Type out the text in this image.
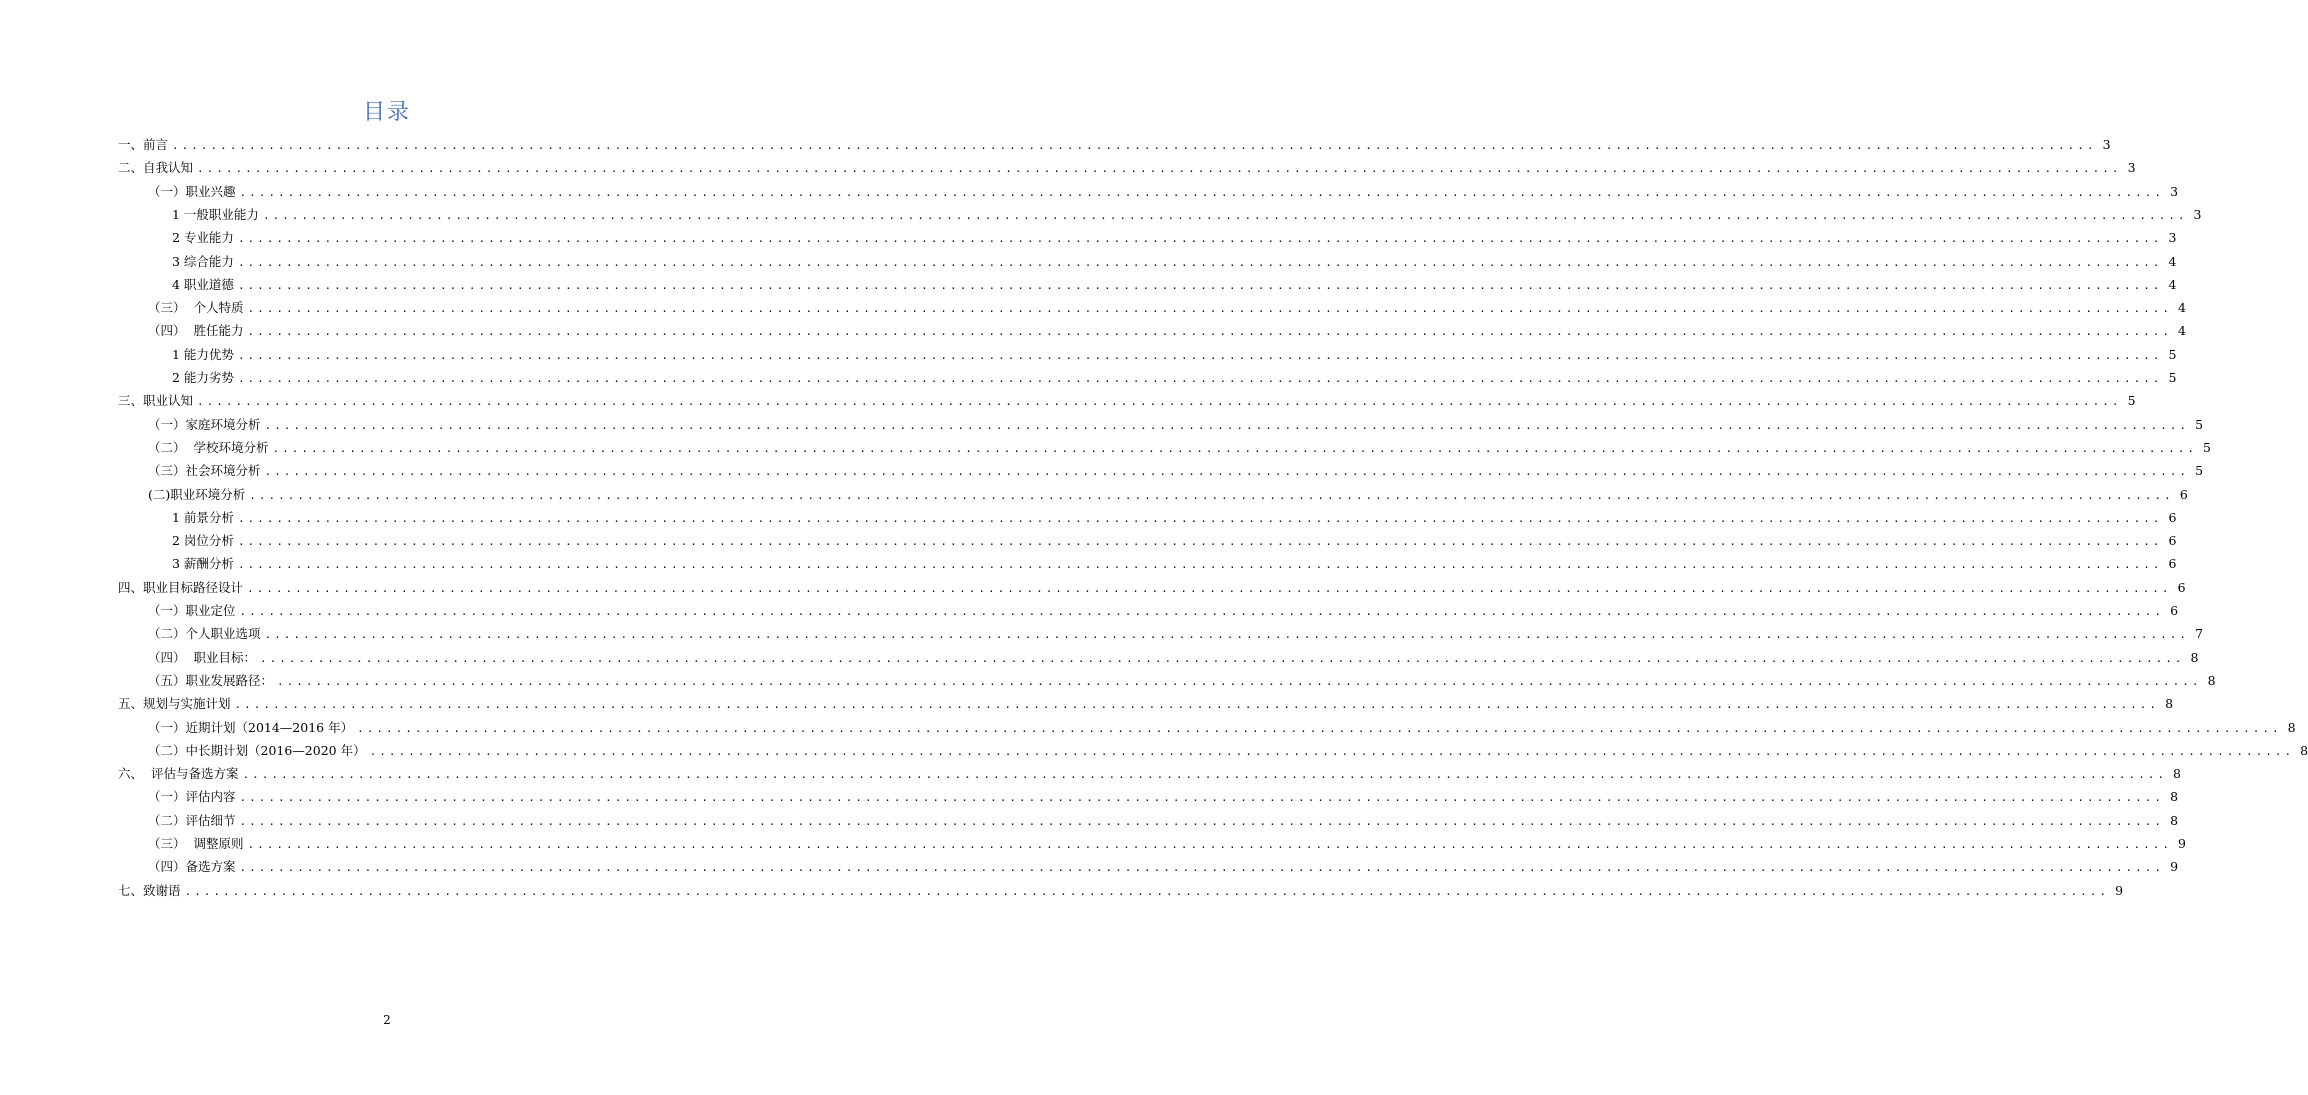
目录
一、前言 ........................................................................................................................................................................................................ 3
二、自我认知 ........................................................................................................................................................................................................ 3
（一）职业兴趣 ........................................................................................................................................................................................................ 3
1 一般职业能力 ........................................................................................................................................................................................................ 3
2 专业能力 ........................................................................................................................................................................................................ 3
3 综合能力 ........................................................................................................................................................................................................ 4
4 职业道德 ........................................................................................................................................................................................................ 4
（三）  个人特质 ........................................................................................................................................................................................................ 4
（四）  胜任能力 ........................................................................................................................................................................................................ 4
1 能力优势 ........................................................................................................................................................................................................ 5
2 能力劣势 ........................................................................................................................................................................................................ 5
三、职业认知 ........................................................................................................................................................................................................ 5
（一）家庭环境分析 ........................................................................................................................................................................................................ 5
（二）  学校环境分析 ........................................................................................................................................................................................................ 5
（三）社会环境分析 ........................................................................................................................................................................................................ 5
(二)职业环境分析 ........................................................................................................................................................................................................ 6
1 前景分析 ........................................................................................................................................................................................................ 6
2 岗位分析 ........................................................................................................................................................................................................ 6
3 薪酬分析 ........................................................................................................................................................................................................ 6
四、职业目标路径设计 ........................................................................................................................................................................................................ 6
（一）职业定位 ........................................................................................................................................................................................................ 6
（二）个人职业选项 ........................................................................................................................................................................................................ 7
（四）  职业目标： ........................................................................................................................................................................................................ 8
（五）职业发展路径： ........................................................................................................................................................................................................ 8
五、规划与实施计划 ........................................................................................................................................................................................................ 8
（一）近期计划（2014—2016 年） ........................................................................................................................................................................................................ 8
（二）中长期计划（2016—2020 年） ........................................................................................................................................................................................................ 8
六、  评估与备选方案 ........................................................................................................................................................................................................ 8
（一）评估内容 ........................................................................................................................................................................................................ 8
（二）评估细节 ........................................................................................................................................................................................................ 8
（三）  调整原则 ........................................................................................................................................................................................................ 9
（四）备选方案 ........................................................................................................................................................................................................ 9
七、致谢语 ........................................................................................................................................................................................................ 9
2
